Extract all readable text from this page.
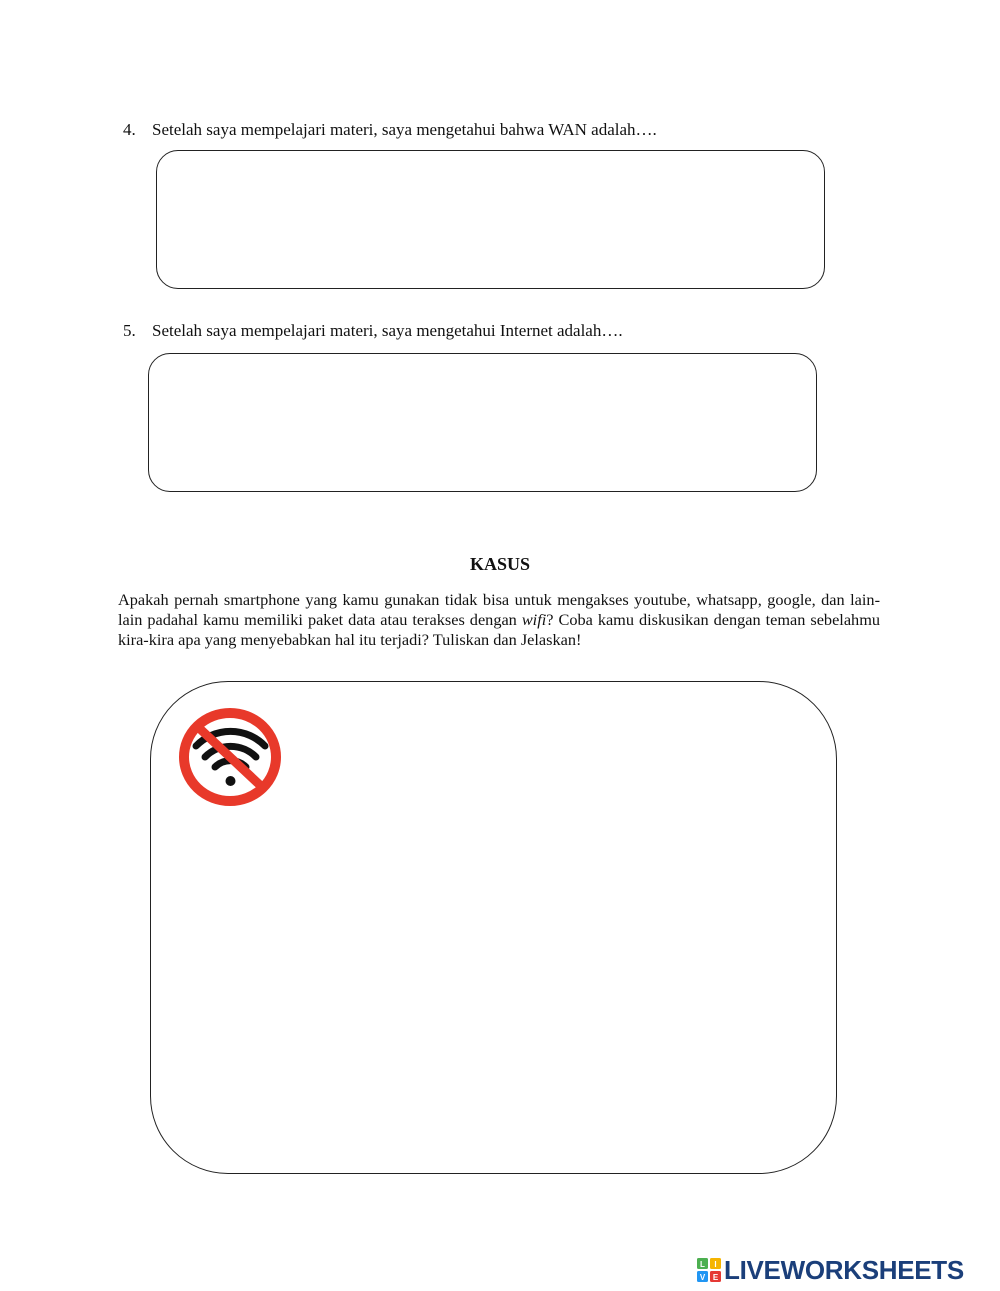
4. Setelah saya mempelajari materi, saya mengetahui bahwa WAN adalah….
5. Setelah saya mempelajari materi, saya mengetahui Internet adalah….
KASUS
Apakah pernah smartphone yang kamu gunakan tidak bisa untuk mengakses youtube, whatsapp, google, dan lain-lain padahal kamu memiliki paket data atau terakses dengan wifi? Coba kamu diskusikan dengan teman sebelahmu kira-kira apa yang menyebabkan hal itu terjadi? Tuliskan dan Jelaskan!
L I
V E LIVEWORKSHEETS
